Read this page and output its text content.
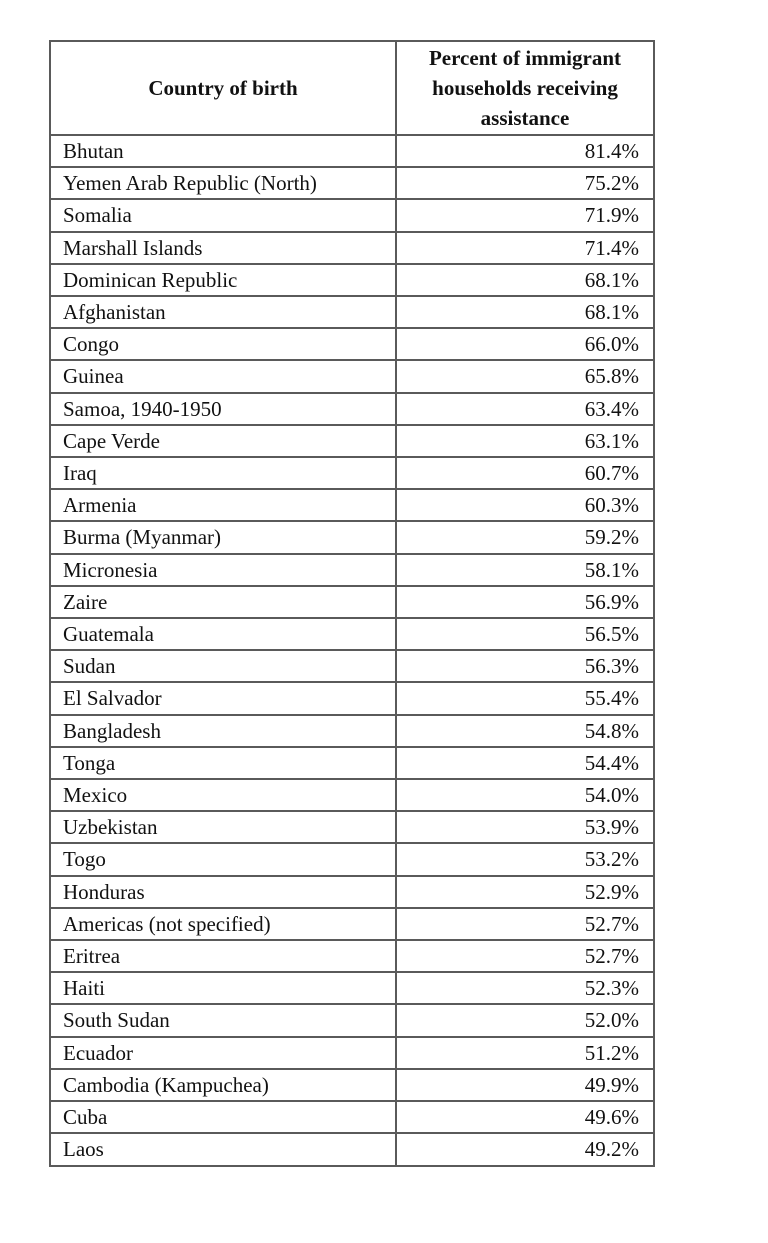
Country of birth	Percent of immigrant households receiving assistance
Bhutan	81.4%
Yemen Arab Republic (North)	75.2%
Somalia	71.9%
Marshall Islands	71.4%
Dominican Republic	68.1%
Afghanistan	68.1%
Congo	66.0%
Guinea	65.8%
Samoa, 1940-1950	63.4%
Cape Verde	63.1%
Iraq	60.7%
Armenia	60.3%
Burma (Myanmar)	59.2%
Micronesia	58.1%
Zaire	56.9%
Guatemala	56.5%
Sudan	56.3%
El Salvador	55.4%
Bangladesh	54.8%
Tonga	54.4%
Mexico	54.0%
Uzbekistan	53.9%
Togo	53.2%
Honduras	52.9%
Americas (not specified)	52.7%
Eritrea	52.7%
Haiti	52.3%
South Sudan	52.0%
Ecuador	51.2%
Cambodia (Kampuchea)	49.9%
Cuba	49.6%
Laos	49.2%
